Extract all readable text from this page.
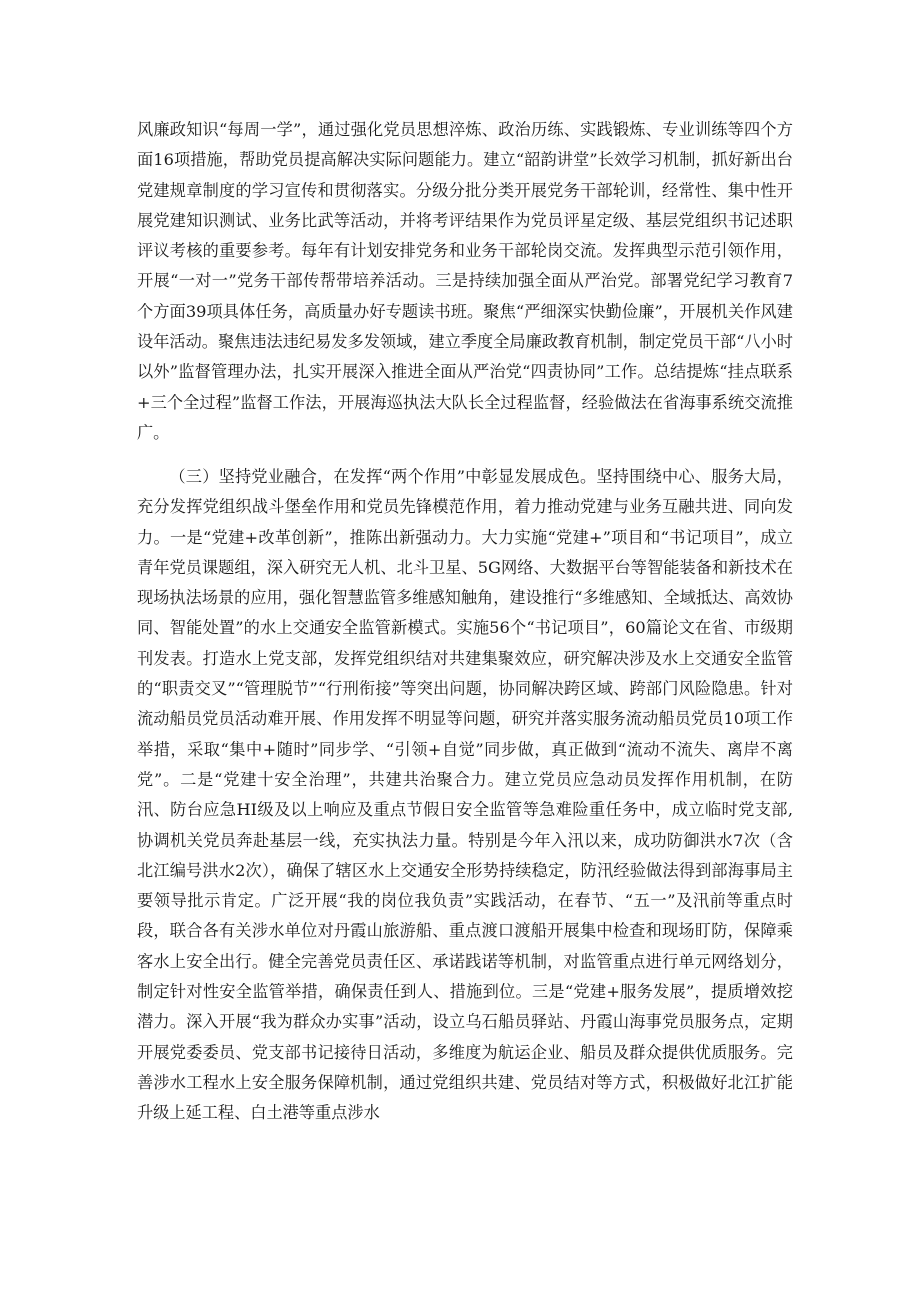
风廉政知识“每周一学”，通过强化党员思想淬炼、政治历练、实践锻炼、专业训练等四个方面16项措施，帮助党员提高解决实际问题能力。建立“韶韵讲堂”长效学习机制，抓好新出台党建规章制度的学习宣传和贯彻落实。分级分批分类开展党务干部轮训，经常性、集中性开展党建知识测试、业务比武等活动，并将考评结果作为党员评星定级、基层党组织书记述职评议考核的重要参考。每年有计划安排党务和业务干部轮岗交流。发挥典型示范引领作用，开展“一对一”党务干部传帮带培养活动。三是持续加强全面从严治党。部署党纪学习教育7个方面39项具体任务，高质量办好专题读书班。聚焦“严细深实快勤俭廉”，开展机关作风建设年活动。聚焦违法违纪易发多发领域，建立季度全局廉政教育机制，制定党员干部“八小时以外”监督管理办法，扎实开展深入推进全面从严治党“四责协同”工作。总结提炼“挂点联系+三个全过程”监督工作法，开展海巡执法大队长全过程监督，经验做法在省海事系统交流推广。

（三）坚持党业融合，在发挥“两个作用”中彰显发展成色。坚持围绕中心、服务大局，充分发挥党组织战斗堡垒作用和党员先锋模范作用，着力推动党建与业务互融共进、同向发力。一是“党建+改革创新”，推陈出新强动力。大力实施“党建+”项目和“书记项目”，成立青年党员课题组，深入研究无人机、北斗卫星、5G网络、大数据平台等智能装备和新技术在现场执法场景的应用，强化智慧监管多维感知触角，建设推行“多维感知、全域抵达、高效协同、智能处置”的水上交通安全监管新模式。实施56个“书记项目”，60篇论文在省、市级期刊发表。打造水上党支部，发挥党组织结对共建集聚效应，研究解决涉及水上交通安全监管的“职责交叉”“管理脱节”“行刑衔接”等突出问题，协同解决跨区域、跨部门风险隐患。针对流动船员党员活动难开展、作用发挥不明显等问题，研究并落实服务流动船员党员10项工作举措，采取“集中+随时”同步学、“引领+自觉”同步做，真正做到“流动不流失、离岸不离党”。二是“党建十安全治理”，共建共治聚合力。建立党员应急动员发挥作用机制，在防汛、防台应急HI级及以上响应及重点节假日安全监管等急难险重任务中，成立临时党支部,协调机关党员奔赴基层一线，充实执法力量。特别是今年入汛以来，成功防御洪水7次（含北江编号洪水2次），确保了辖区水上交通安全形势持续稳定，防汛经验做法得到部海事局主要领导批示肯定。广泛开展“我的岗位我负责”实践活动，在春节、“五一”及汛前等重点时段，联合各有关涉水单位对丹霞山旅游船、重点渡口渡船开展集中检查和现场盯防，保障乘客水上安全出行。健全完善党员责任区、承诺践诺等机制，对监管重点进行单元网络划分，制定针对性安全监管举措，确保责任到人、措施到位。三是“党建+服务发展”，提质增效挖潜力。深入开展“我为群众办实事”活动，设立乌石船员驿站、丹霞山海事党员服务点，定期开展党委委员、党支部书记接待日活动，多维度为航运企业、船员及群众提供优质服务。完善涉水工程水上安全服务保障机制，通过党组织共建、党员结对等方式，积极做好北江扩能升级上延工程、白土港等重点涉水
